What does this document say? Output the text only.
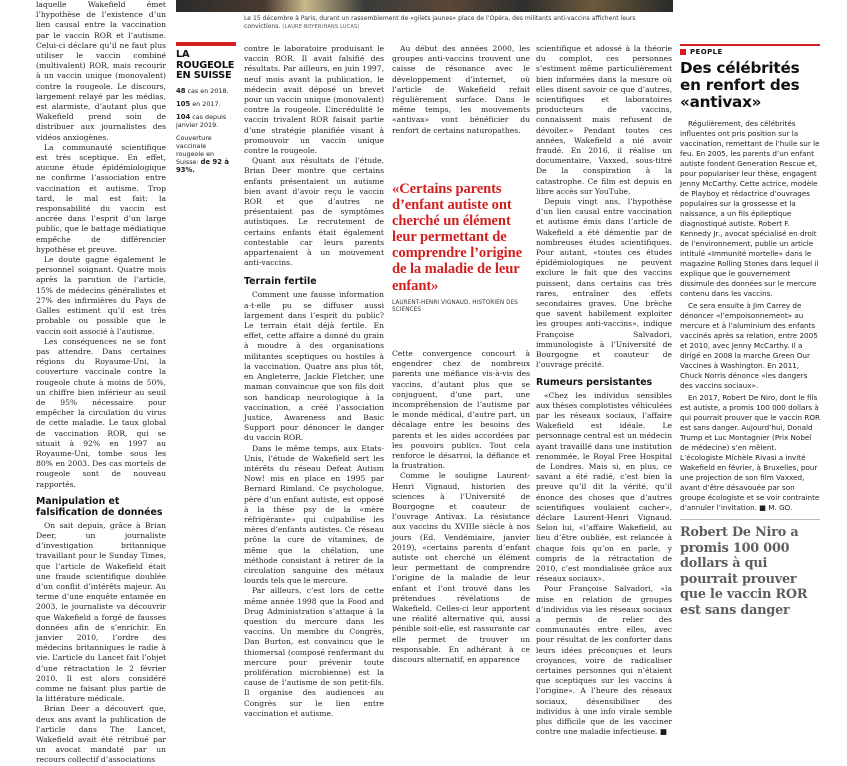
Le 15 décembre à Paris, durant un rassemblement de «gilets jaunes» place de l’Opéra, des militants anti-vaccins affichent leurs convictions. (LAURE BOYER/HANS LUCAS)

laquelle Wakefield émet l’hypothèse de l’existence d’un lien causal entre la vaccination par le vaccin ROR et l’autisme. Celui-ci déclare qu’il ne faut plus utiliser le vaccin combiné (multivalent) ROR, mais recourir à un vaccin unique (monovalent) contre la rougeole. Le discours, largement relayé par les médias, est alarmiste, d’autant plus que Wakefield prend soin de distribuer aux journalistes des vidéos anxiogènes.

La communauté scientifique est très sceptique. En effet, aucune étude épidémiologique ne confirme l’association entre vaccination et autisme. Trop tard, le mal est fait: la responsabilité du vaccin est ancrée dans l’esprit d’un large public, que le battage médiatique empêche de différencier hypothèse et preuve.

Le doute gagne également le personnel soignant. Quatre mois après la parution de l’article, 15% de médecins généralistes et 27% des infirmières du Pays de Galles estiment qu’il est très probable ou possible que le vaccin soit associé à l’autisme.

Les conséquences ne se font pas attendre. Dans certaines régions du Royaume-Uni, la couverture vaccinale contre la rougeole chute à moins de 50%, un chiffre bien inférieur au seuil de 95% nécessaire pour empêcher la circulation du virus de cette maladie. Le taux global de vaccination ROR, qui se situait à 92% en 1997 au Royaume-Uni, tombe sous les 80% en 2003. Des cas mortels de rougeole sont de nouveau rapportés.

Manipulation et falsification de données

On sait depuis, grâce à Brian Deer, un journaliste d’investigation britannique travaillant pour le Sunday Times, que l’article de Wakefield était une fraude scientifique doublée d’un conflit d’intérêts majeur. Au terme d’une enquête entamée en 2003, le journaliste va découvrir que Wakefield a forgé de fausses données afin de s’enrichir. En janvier 2010, l’ordre des médecins britanniques le radie à vie. L’article du Lancet fait l’objet d’une rétractation le 2 février 2010. Il est alors considéré comme ne faisant plus partie de la littérature médicale.

Brian Deer a découvert que, deux ans avant la publication de l’article dans The Lancet, Wakefield avait été rétribué par un avocat mandaté par un recours collectif d’associations

LA ROUGEOLE EN SUISSE
48 cas en 2018.
105 en 2017.
104 cas depuis janvier 2019.
Couverture vaccinale rougeole en Suisse: de 92 à 93%.

contre le laboratoire produisant le vaccin ROR. Il avait falsifié des résultats. Par ailleurs, en juin 1997, neuf mois avant la publication, le médecin avait déposé un brevet pour un vaccin unique (monovalent) contre la rougeole. L’incrédulité le vaccin trivalent ROR faisait partie d’une stratégie planifiée visant à promouvoir un vaccin unique contre la rougeole.

Quant aux résultats de l’étude, Brian Deer montre que certains enfants présentaient un autisme bien avant d’avoir reçu le vaccin ROR et que d’autres ne présentaient pas de symptômes autistiques. Le recrutement de certains enfants était également contestable car leurs parents appartenaient à un mouvement anti-vaccins.

Terrain fertile

Comment une fausse information a-t-elle pu se diffuser aussi largement dans l’esprit du public? Le terrain était déjà fertile. En effet, cette affaire a donné du grain à moudre à des organisations militantes sceptiques ou hostiles à la vaccination. Quatre ans plus tôt, en Angleterre, Jackie Fletcher, une maman convaincue que son fils doit son handicap neurologique à la vaccination, a créé l’association Justice, Awareness and Basic Support pour dénoncer le danger du vaccin ROR.

Dans le même temps, aux Etats-Unis, l’étude de Wakefield sert les intérêts du réseau Defeat Autism Now! mis en place en 1995 par Bernard Rimland. Ce psychologue, père d’un enfant autiste, est opposé à la thèse psy de la «mère réfrigérante» qui culpabilise les mères d’enfants autistes. Ce réseau prône la cure de vitamines, de même que la chélation, une méthode consistant à retirer de la circulation sanguine des métaux lourds tels que le mercure.

Par ailleurs, c’est lors de cette même année 1998 que la Food and Drug Administration s’attaque à la question du mercure dans les vaccins. Un membre du Congrès, Dan Burton, est convaincu que le thiomersal (composé renfermant du mercure pour prévenir toute prolifération microbienne) est la cause de l’autisme de son petit-fils. Il organise des audiences au Congrès sur le lien entre vaccination et autisme.

Au début des années 2000, les groupes anti-vaccins trouvent une caisse de résonance avec le développement d’internet, où l’article de Wakefield refait régulièrement surface. Dans le même temps, les mouvements «antivax» vont bénéficier du renfort de certains naturopathes.

«Certains parents d’enfant autiste ont cherché un élément leur permettant de comprendre l’origine de la maladie de leur enfant»
LAURENT-HENRI VIGNAUD, HISTORIEN DES SCIENCES

Cette convergence concourt à engendrer chez de nombreux parents une méfiance vis-à-vis des vaccins, d’autant plus que se conjuguent, d’une part, une incompréhension de l’autisme par le monde médical, d’autre part, un décalage entre les besoins des parents et les aides accordées par les pouvoirs publics. Tout cela renforce le désarroi, la défiance et la frustration.

Comme le souligne Laurent-Henri Vignaud, historien des sciences à l’Université de Bourgogne et coauteur de l’ouvrage Antivax. La résistance aux vaccins du XVIIIe siècle à nos jours (Ed. Vendémiaire, janvier 2019), «certains parents d’enfant autiste ont cherché un élément leur permettant de comprendre l’origine de la maladie de leur enfant et l’ont trouvé dans les prétendues révélations de Wakefield. Celles-ci leur apportent une réalité alternative qui, aussi pénible soit-elle, est rassurante car elle permet de trouver un responsable. En adhérant à ce discours alternatif, en apparence

scientifique et adossé à la théorie du complot, ces personnes s’estiment même particulièrement bien informées dans la mesure où elles disent savoir ce que d’autres, scientifiques et laboratoires producteurs de vaccins, connaissent mais refusent de dévoiler.» Pendant toutes ces années, Wakefield a nié avoir fraudé. En 2016, il réalise un documentaire, Vaxxed, sous-titré De la conspiration à la catastrophe. Ce film est depuis en libre accès sur YouTube.

Depuis vingt ans, l’hypothèse d’un lien causal entre vaccination et autisme émis dans l’article de Wakefield a été démentie par de nombreuses études scientifiques. Pour autant, «toutes ces études épidémiologiques ne peuvent exclure le fait que des vaccins puissent, dans certains cas très rares, entraîner des effets secondaires graves. Une brèche que savent habilement exploiter les groupes anti-vaccins», indique Françoise Salvadori, immunologiste à l’Université de Bourgogne et coauteur de l’ouvrage précité.

Rumeurs persistantes

«Chez les individus sensibles aux thèses complotistes véhiculées par les réseaux sociaux, l’affaire Wakefield est idéale. Le personnage central est un médecin ayant travaillé dans une institution renommée, le Royal Free Hospital de Londres. Mais si, en plus, ce savant a été radié, c’est bien la preuve qu’il dit la vérité, qu’il énonce des choses que d’autres scientifiques voulaient cacher», déclare Laurent-Henri Vignaud. Selon lui, «l’affaire Wakefield, au lieu d’être oubliée, est relancée à chaque fois qu’on en parle, y compris de la rétractation de 2010, c’est mondialisée grâce aux réseaux sociaux».

Pour Françoise Salvadori, «la mise en relation de groupes d’individus via les réseaux sociaux a permis de relier des communautés entre elles, avec pour résultat de les conforter dans leurs idées préconçues et leurs croyances, voire de radicaliser certaines personnes qui n’étaient que sceptiques sur les vaccins à l’origine». A l’heure des réseaux sociaux, désensibiliser des individus à une info virale semble plus difficile que de les vacciner contre une maladie infectieuse. ■

PEOPLE
Des célébrités en renfort des «antivax»

Régulièrement, des célébrités influentes ont pris position sur la vaccination, remettant de l’huile sur le feu. En 2005, les parents d’un enfant autiste fondent Generation Rescue et, pour populariser leur thèse, engagent Jenny McCarthy. Cette actrice, modèle de Playboy et rédactrice d’ouvrages populaires sur la grossesse et la naissance, a un fils épileptique diagnostiqué autiste. Robert F. Kennedy Jr., avocat spécialisé en droit de l’environnement, publie un article intitulé «Immunité mortelle» dans le magazine Rolling Stones dans lequel il explique que le gouvernement dissimule des données sur le mercure contenu dans les vaccins.

Ce sera ensuite à Jim Carrey de dénoncer «l’empoisonnement» au mercure et à l’aluminium des enfants vaccinés après sa relation, entre 2005 et 2010, avec Jenny McCarthy. Il a dirigé en 2008 la marche Green Our Vaccines à Washington. En 2011, Chuck Norris dénonce «les dangers des vaccins sociaux».

En 2017, Robert De Niro, dont le fils est autiste, a promis 100 000 dollars à qui pourrait prouver que le vaccin ROR est sans danger. Aujourd’hui, Donald Trump et Luc Montagnier (Prix Nobel de médecine) s’en mêlent. L’écologiste Michèle Rivasi a invité Wakefield en février, à Bruxelles, pour une projection de son film Vaxxed, avant d’être désavouée par son groupe écologiste et se voir contrainte d’annuler l’invitation. ■ M. GO.

Robert De Niro a promis 100 000 dollars à qui pourrait prouver que le vaccin ROR est sans danger
